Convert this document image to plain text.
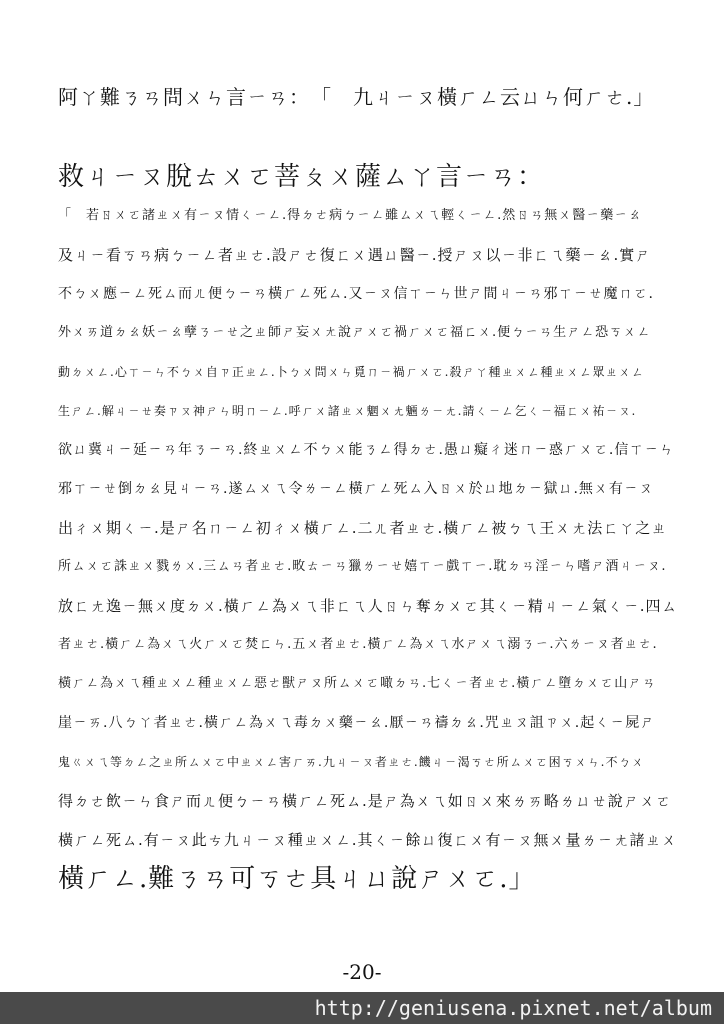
阿ㄚ難ㄋㄢ問ㄨㄣ言ㄧㄢ：　「　九ㄐㄧㄡ橫ㄏㄥ云ㄩㄣ何ㄏㄜ.」
救ㄐㄧㄡ脫ㄊㄨㄛ菩ㄆㄨ薩ㄙㄚ言ㄧㄢ：
「　若ㄖㄨㄛ諸ㄓㄨ有ㄧㄡ情ㄑㄧㄥ.得ㄉㄜ病ㄅㄧㄥ雖ㄙㄨㄟ輕ㄑㄧㄥ.然ㄖㄢ無ㄨ醫ㄧ藥ㄧㄠ
及ㄐㄧ看ㄎㄢ病ㄅㄧㄥ者ㄓㄜ.設ㄕㄜ復ㄈㄨ遇ㄩ醫ㄧ.授ㄕㄡ以ㄧ非ㄈㄟ藥ㄧㄠ.實ㄕ
不ㄅㄨ應ㄧㄥ死ㄙ而ㄦ便ㄅㄧㄢ橫ㄏㄥ死ㄙ.又ㄧㄡ信ㄒㄧㄣ世ㄕ間ㄐㄧㄢ邪ㄒㄧㄝ魔ㄇㄛ.
外ㄨㄞ道ㄉㄠ妖ㄧㄠ孽ㄋㄧㄝ之ㄓ師ㄕ妄ㄨㄤ說ㄕㄨㄛ禍ㄏㄨㄛ福ㄈㄨ.便ㄅㄧㄢ生ㄕㄥ恐ㄎㄨㄥ
動ㄉㄨㄥ.心ㄒㄧㄣ不ㄅㄨ自ㄗ正ㄓㄥ.卜ㄅㄨ問ㄨㄣ覓ㄇㄧ禍ㄏㄨㄛ.殺ㄕㄚ種ㄓㄨㄥ種ㄓㄨㄥ眾ㄓㄨㄥ
生ㄕㄥ.解ㄐㄧㄝ奏ㄗㄡ神ㄕㄣ明ㄇㄧㄥ.呼ㄏㄨ諸ㄓㄨ魍ㄨㄤ魎ㄌㄧㄤ.請ㄑㄧㄥ乞ㄑㄧ福ㄈㄨ祐ㄧㄡ.
欲ㄩ冀ㄐㄧ延ㄧㄢ年ㄋㄧㄢ.終ㄓㄨㄥ不ㄅㄨ能ㄋㄥ得ㄉㄜ.愚ㄩ癡ㄔ迷ㄇㄧ惑ㄏㄨㄛ.信ㄒㄧㄣ
邪ㄒㄧㄝ倒ㄉㄠ見ㄐㄧㄢ.遂ㄙㄨㄟ令ㄌㄧㄥ橫ㄏㄥ死ㄙ入ㄖㄨ於ㄩ地ㄉㄧ獄ㄩ.無ㄨ有ㄧㄡ
出ㄔㄨ期ㄑㄧ.是ㄕ名ㄇㄧㄥ初ㄔㄨ橫ㄏㄥ.二ㄦ者ㄓㄜ.橫ㄏㄥ被ㄅㄟ王ㄨㄤ法ㄈㄚ之ㄓ
所ㄙㄨㄛ誅ㄓㄨ戮ㄌㄨ.三ㄙㄢ者ㄓㄜ.畋ㄊㄧㄢ獵ㄌㄧㄝ嬉ㄒㄧ戲ㄒㄧ.耽ㄉㄢ淫ㄧㄣ嗜ㄕ酒ㄐㄧㄡ.
放ㄈㄤ逸ㄧ無ㄨ度ㄉㄨ.橫ㄏㄥ為ㄨㄟ非ㄈㄟ人ㄖㄣ奪ㄉㄨㄛ其ㄑㄧ精ㄐㄧㄥ氣ㄑㄧ.四ㄙ
者ㄓㄜ.橫ㄏㄥ為ㄨㄟ火ㄏㄨㄛ焚ㄈㄣ.五ㄨ者ㄓㄜ.橫ㄏㄥ為ㄨㄟ水ㄕㄨㄟ溺ㄋㄧ.六ㄌㄧㄡ者ㄓㄜ.
橫ㄏㄥ為ㄨㄟ種ㄓㄨㄥ種ㄓㄨㄥ惡ㄜ獸ㄕㄡ所ㄙㄨㄛ噉ㄉㄢ.七ㄑㄧ者ㄓㄜ.橫ㄏㄥ墮ㄉㄨㄛ山ㄕㄢ
崖ㄧㄞ.八ㄅㄚ者ㄓㄜ.橫ㄏㄥ為ㄨㄟ毒ㄉㄨ藥ㄧㄠ.厭ㄧㄢ禱ㄉㄠ.咒ㄓㄡ詛ㄗㄨ.起ㄑㄧ屍ㄕ
鬼ㄍㄨㄟ等ㄉㄥ之ㄓ所ㄙㄨㄛ中ㄓㄨㄥ害ㄏㄞ.九ㄐㄧㄡ者ㄓㄜ.饑ㄐㄧ渴ㄎㄜ所ㄙㄨㄛ困ㄎㄨㄣ.不ㄅㄨ
得ㄉㄜ飲ㄧㄣ食ㄕ而ㄦ便ㄅㄧㄢ橫ㄏㄥ死ㄙ.是ㄕ為ㄨㄟ如ㄖㄨ來ㄌㄞ略ㄌㄩㄝ說ㄕㄨㄛ
橫ㄏㄥ死ㄙ.有ㄧㄡ此ㄘ九ㄐㄧㄡ種ㄓㄨㄥ.其ㄑㄧ餘ㄩ復ㄈㄨ有ㄧㄡ無ㄨ量ㄌㄧㄤ諸ㄓㄨ
橫ㄏㄥ.難ㄋㄢ可ㄎㄜ具ㄐㄩ說ㄕㄨㄛ.」
-20-
http://geniusena.pixnet.net/album
